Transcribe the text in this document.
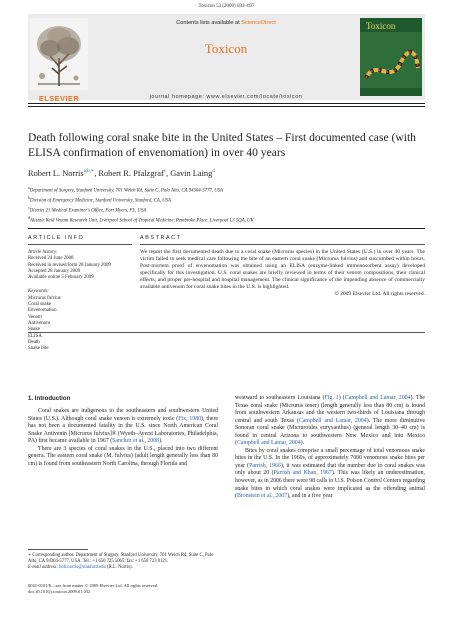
Toxicon 53 (2009) 693–697
ELSEVIER
Contents lists available at ScienceDirect
Toxicon
journal homepage: www.elsevier.com/locate/toxicon
Toxicon
Death following coral snake bite in the United States – First documented case (with ELISA confirmation of envenomation) in over 40 years
Robert L. Norris$^{a,b,∗}$, Robert R. Pfalzgraf$^c$, Gavin Laing$^d$
$^a$Department of Surgery, Stanford University, 701 Welch Rd, Suite C, Palo Alto, CA 94304-5777, USA
$^b$Division of Emergency Medicine, Stanford University, Stanford, CA, USA
$^c$District 21 Medical Examiner's Office, Fort Myers, FL, USA
$^d$Alistair Reid Venom Research Unit, Liverpool School of Tropical Medicine, Pembroke Place, Liverpool L3 5QA, UK
ARTICLE INFO	ABSTRACT
Article history:
Received 24 June 2008
Received in revised form 28 January 2009
Accepted 28 January 2009
Available online 5 February 2009
Keywords:
Micrurus fulvius
Coral snake
Envenomation
Venom
Antivenom
Snake
ELISA
Death
Snake bite
We report the first documented death due to a coral snake (Micrurus species) in the United States (U.S.) in over 40 years. The victim failed to seek medical care following the bite of an eastern coral snake (Micrurus fulvius) and succumbed within hours. Post-mortem proof of envenomation was obtained using an ELISA (enzyme-linked immunosorbent assay) developed specifically for this investigation. U.S. coral snakes are briefly reviewed in terms of their venom compositions, their clinical effects, and proper pre-hospital and hospital management. The clinical significance of the impending absence of commercially available antivenom for coral snake bites in the U.S. is highlighted.
© 2009 Elsevier Ltd. All rights reserved.
1. Introduction

Coral snakes are indigenous to the southeastern and southwestern United States (U.S.). Although coral snake venom is extremely toxic (Fix, 1980), there has not been a documented fatality in the U.S. since North American Coral Snake Antivenin [Micrurus fulvius]® (Wyeth–Ayerst Laboratories, Philadelphia, PA) first became available in 1967 (Sanchez et al., 2008).

There are 3 species of coral snakes in the U.S., placed into two different genera. The eastern coral snake (M. fulvius) (adult length generally less than 80 cm) is found from southeastern North Carolina, through Florida and

westward to southeastern Louisiana (Fig. 1) (Campbell and Lamar, 2004). The Texas coral snake (Micrurus tener) (length generally less than 80 cm) is found from southwestern Arkansas and the western two-thirds of Louisiana through central and south Texas (Campbell and Lamar, 2004). The more diminutive Sonoran coral snake (Micruroides euryxanthus) (general length 30–40 cm) is found in central Arizona to southwestern New Mexico and into Mexico (Campbell and Lamar, 2004).

Bites by coral snakes comprise a small percentage of total venomous snake bites in the U.S. In the 1960s, of approximately 7000 venomous snake bites per year (Parrish, 1966), it was estimated that the number due to coral snakes was only about 20 (Parrish and Khan, 1967). This was likely an underestimation, however, as in 2006 there were 98 calls to U.S. Poison Control Centers regarding snake bites in which coral snakes were implicated as the offending animal (Bronstein et al., 2007), and in a five year

∗ Corresponding author. Department of Surgery, Stanford University, 701 Welch Rd, Suite C, Palo Alto, CA 94304-5777, USA. Tel.: +1 650 725 5065; fax: +1 650 723 0121.
E-mail address: bob.norris@stanford.edu (R.L. Norris).
0041-0101/$ – see front matter © 2009 Elsevier Ltd. All rights reserved.
doi:10.1016/j.toxicon.2009.01.032
